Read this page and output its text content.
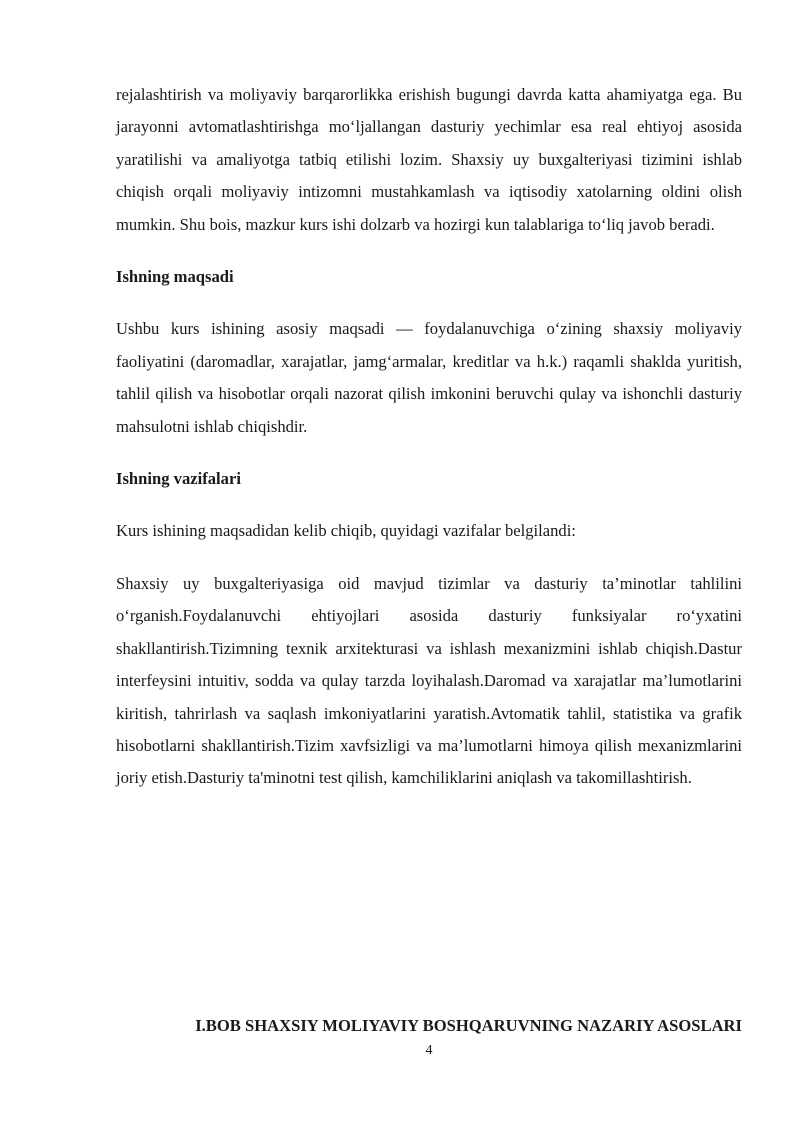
rejalashtirish va moliyaviy barqarorlikka erishish bugungi davrda katta ahamiyatga ega. Bu jarayonni avtomatlashtirishga mo‘ljallangan dasturiy yechimlar esa real ehtiyoj asosida yaratilishi va amaliyotga tatbiq etilishi lozim. Shaxsiy uy buxgalteriyasi tizimini ishlab chiqish orqali moliyaviy intizomni mustahkamlash va iqtisodiy xatolarning oldini olish mumkin. Shu bois, mazkur kurs ishi dolzarb va hozirgi kun talablariga to‘liq javob beradi.

Ishning maqsadi

Ushbu kurs ishining asosiy maqsadi — foydalanuvchiga o‘zining shaxsiy moliyaviy faoliyatini (daromadlar, xarajatlar, jamg‘armalar, kreditlar va h.k.) raqamli shaklda yuritish, tahlil qilish va hisobotlar orqali nazorat qilish imkonini beruvchi qulay va ishonchli dasturiy mahsulotni ishlab chiqishdir.

Ishning vazifalari

Kurs ishining maqsadidan kelib chiqib, quyidagi vazifalar belgilandi:

Shaxsiy uy buxgalteriyasiga oid mavjud tizimlar va dasturiy ta’minotlar tahlilini o‘rganish.Foydalanuvchi ehtiyojlari asosida dasturiy funksiyalar ro‘yxatini shakllantirish.Tizimning texnik arxitekturasi va ishlash mexanizmini ishlab chiqish.Dastur interfeysini intuitiv, sodda va qulay tarzda loyihalash.Daromad va xarajatlar ma’lumotlarini kiritish, tahrirlash va saqlash imkoniyatlarini yaratish.Avtomatik tahlil, statistika va grafik hisobotlarni shakllantirish.Tizim xavfsizligi va ma’lumotlarni himoya qilish mexanizmlarini joriy etish.Dasturiy ta'minotni test qilish, kamchiliklarini aniqlash va takomillashtirish.

I.BOB SHAXSIY MOLIYAVIY BOSHQARUVNING NAZARIY ASOSLARI

4
